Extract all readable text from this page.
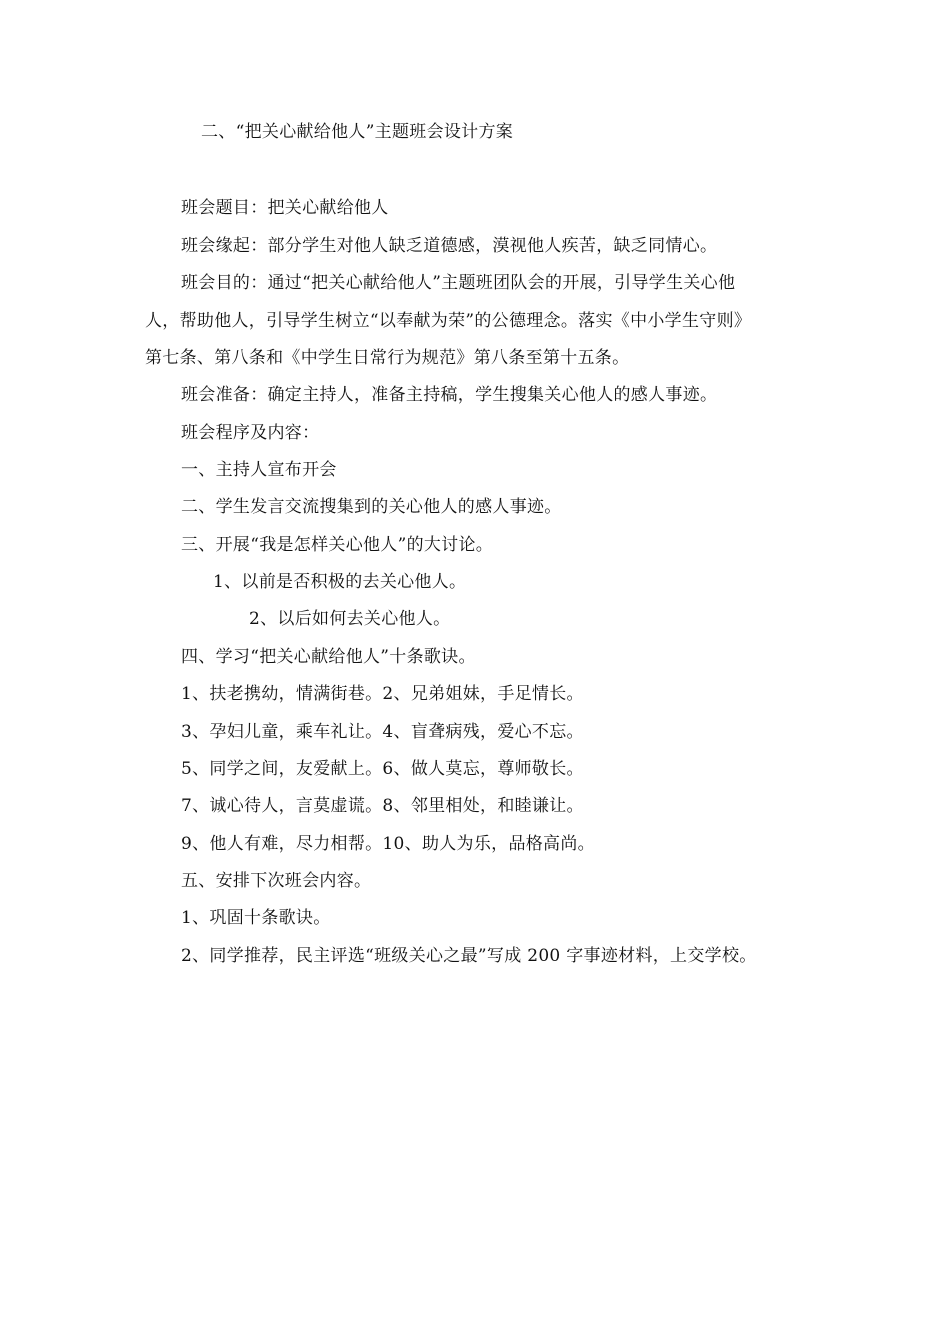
二、“把关心献给他人”主题班会设计方案
班会题目：把关心献给他人
班会缘起：部分学生对他人缺乏道德感，漠视他人疾苦，缺乏同情心。
班会目的：通过“把关心献给他人”主题班团队会的开展，引导学生关心他
人，帮助他人，引导学生树立“以奉献为荣”的公德理念。落实《中小学生守则》
第七条、第八条和《中学生日常行为规范》第八条至第十五条。
班会准备：确定主持人，准备主持稿，学生搜集关心他人的感人事迹。
班会程序及内容：
一、主持人宣布开会
二、学生发言交流搜集到的关心他人的感人事迹。
三、开展“我是怎样关心他人”的大讨论。
1、以前是否积极的去关心他人。
2、以后如何去关心他人。
四、学习“把关心献给他人”十条歌诀。
1、扶老携幼，情满街巷。2、兄弟姐妹，手足情长。
3、孕妇儿童，乘车礼让。4、盲聋病残，爱心不忘。
5、同学之间，友爱献上。6、做人莫忘，尊师敬长。
7、诚心待人，言莫虚谎。8、邻里相处，和睦谦让。
9、他人有难，尽力相帮。10、助人为乐，品格高尚。
五、安排下次班会内容。
1、巩固十条歌诀。
2、同学推荐，民主评选“班级关心之最”写成 200 字事迹材料，上交学校。
